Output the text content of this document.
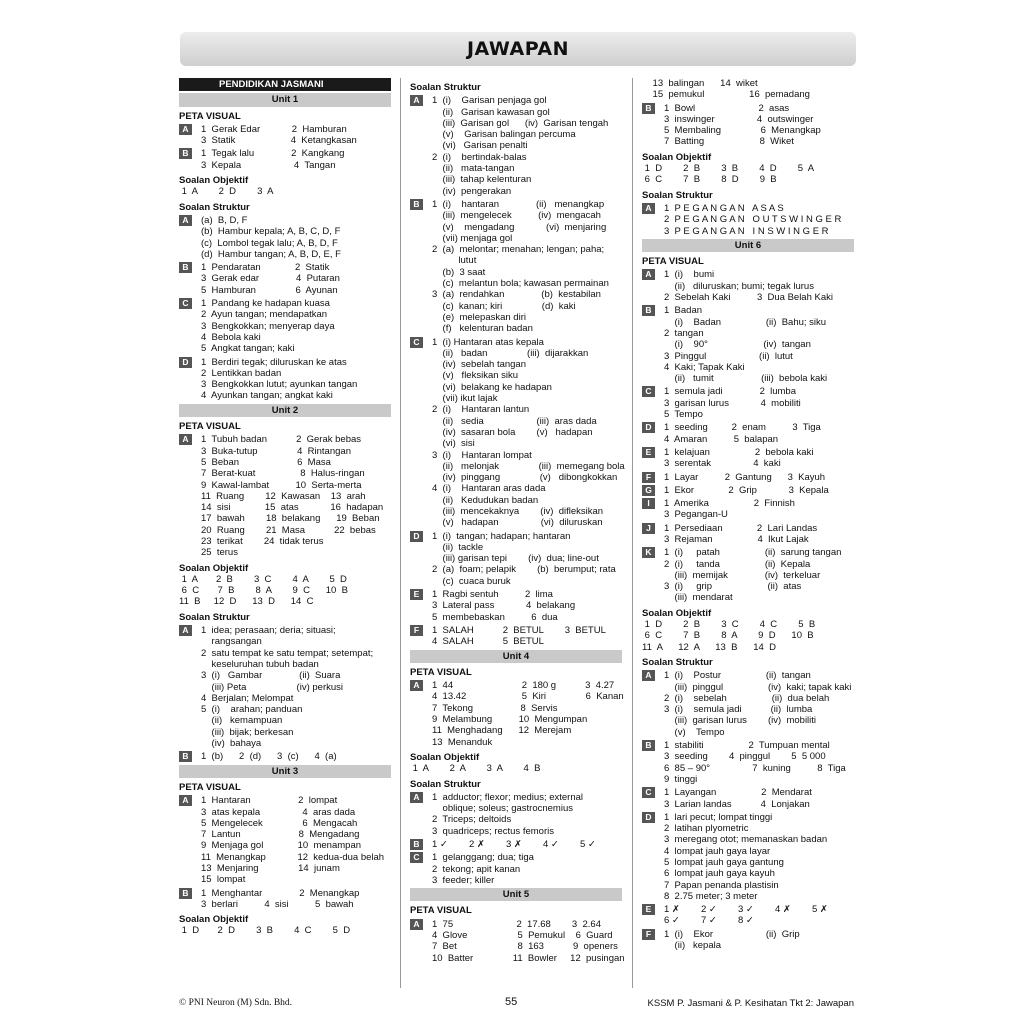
JAWAPAN
PENDIDIKAN JASMANI
Unit 1
PETA VISUAL
A	1  Gerak Edar            2  Hamburan
3  Statik                     4  Ketangkasan
B	1  Tegak lalu              2  Kangkang
3  Kepala                    4  Tangan
Soalan Objektif
1  A        2  D        3  A
Soalan Struktur
A	(a)  B, D, F
(b)  Hambur kepala; A, B, C, D, F
(c)  Lombol tegak lalu; A, B, D, F
(d)  Hambur tangan; A, B, D, E, F
B	1  Pendaratan             2  Statik
3  Gerak edar              4  Putaran
5  Hamburan               6  Ayunan
C	1  Pandang ke hadapan kuasa
2  Ayun tangan; mendapatkan
3  Bengkokkan; menyerap daya
4  Bebola kaki
5  Angkat tangan; kaki
D	1  Berdiri tegak; diluruskan ke atas
2  Lentikkan badan
3  Bengkokkan lutut; ayunkan tangan
4  Ayunkan tangan; angkat kaki
Unit 2
PETA VISUAL
A	1  Tubuh badan           2  Gerak bebas
3  Buka-tutup               4  Rintangan
5  Beban                      6  Masa
7  Berat-kuat                 8  Halus-ringan
9  Kawal-lambat          10  Serta-merta
11  Ruang        12  Kawasan    13  arah
14  sisi             15  atas            16  hadapan
17  bawah        18  belakang      19  Beban
20  Ruang        21  Masa           22  bebas
23  terikat        24  tidak terus
25  terus
Soalan Objektif
1  A       2  B        3  C        4  A        5  D
6  C       7  B        8  A        9  C      10  B
11  B     12  D      13  D      14  C
Soalan Struktur
A	1  idea; perasaan; deria; situasi;
rangsangan
2  satu tempat ke satu tempat; setempat;
keseluruhan tubuh badan
3  (i)   Gambar              (ii)  Suara
(iii) Peta                   (iv) perkusi
4  Berjalan; Melompat
5  (i)    arahan; panduan
(ii)   kemampuan
(iii)  bijak; berkesan
(iv)  bahaya
B	1  (b)      2  (d)      3  (c)      4  (a)
Unit 3
PETA VISUAL
A	1  Hantaran                  2  lompat
3  atas kepala                4  aras dada
5  Mengelecek               6  Mengacah
7  Lantun                      8  Mengadang
9  Menjaga gol             10  menampan
11  Menangkap            12  kedua-dua belah
13  Menjaring               14  junam
15  lompat
B	1  Menghantar              2  Menangkap
3  berlari          4  sisi          5  bawah
Soalan Objektif
1  D       2  D        3  B        4  C        5  D
Soalan Struktur
A	1  (i)    Garisan penjaga gol
(ii)   Garisan kawasan gol
(iii)  Garisan gol      (iv)  Garisan tengah
(v)    Garisan balingan percuma
(vi)   Garisan penalti
2  (i)    bertindak-balas
(ii)   mata-tangan
(iii)  tahap kelenturan
(iv)  pengerakan
B	1  (i)    hantaran              (ii)   menangkap
(iii)  mengelecek          (iv)  mengacah
(v)    mengadang            (vi)  menjaring
(vii) menjaga gol
2  (a)  melontar; menahan; lengan; paha;
lutut
(b)  3 saat
(c)  melantun bola; kawasan permainan
3  (a)  rendahkan              (b)  kestabilan
(c)  kanan; kiri               (d)  kaki
(e)  melepaskan diri
(f)   kelenturan badan
C	1  (i) Hantaran atas kepala
(ii)   badan               (iii)  dijarakkan
(iv)  sebelah tangan
(v)   fleksikan siku
(vi)  belakang ke hadapan
(vii) ikut lajak
2  (i)    Hantaran lantun
(ii)   sedia                    (iii)  aras dada
(iv)  sasaran bola        (v)   hadapan
(vi)  sisi
3  (i)    Hantaran lompat
(ii)   melonjak               (iii)  memegang bola
(iv)  pinggang               (v)   dibongkokkan
4  (i)    Hantaran aras dada
(ii)   Kedudukan badan
(iii)  mencekaknya        (iv)  difleksikan
(v)   hadapan                (vi)  diluruskan
D	1  (i)  tangan; hadapan; hantaran
(ii)  tackle
(iii) garisan tepi        (iv)  dua; line-out
2  (a)  foam; pelapik        (b)  berumput; rata
(c)  cuaca buruk
E	1  Ragbi sentuh          2  lima
3  Lateral pass            4  belakang
5  membebaskan          6  dua
F	1  SALAH           2  BETUL        3  BETUL
4  SALAH           5  BETUL
Unit 4
PETA VISUAL
A	1  44                          2  180 g           3  4.27
4  13.42                     5  Kiri               6  Kanan
7  Tekong                  8  Servis
9  Melambung          10  Mengumpan
11  Menghadang      12  Merejam
13  Menanduk
Soalan Objektif
1  A        2  A        3  A        4  B
Soalan Struktur
A	1  adductor; flexor; medius; external
oblique; soleus; gastrocnemius
2  Triceps; deltoids
3  quadriceps; rectus femoris
B	1 ✓        2 ✗        3 ✗        4 ✓        5 ✓
C	1  gelanggang; dua; tiga
2  tekong; apit kanan
3  feeder; killer
Unit 5
PETA VISUAL
A	1  75                        2  17.68        3  2.64
4  Glove                   5  Pemukul    6  Guard
7  Bet                       8  163           9  openers
10  Batter               11  Bowler     12  pusingan
13  balingan      14  wiket
15  pemukul                 16  pemadang
B	1  Bowl                        2  asas
3  inswinger                4  outswinger
5  Membaling               6  Menangkap
7  Batting                     8  Wiket
Soalan Objektif
1  D        2  B        3  B        4  D        5  A
6  C        7  B        8  D        9  B
Soalan Struktur
A	1  P E G A N G A N   A S A S
2  P E G A N G A N   O U T S W I N G E R
3  P E G A N G A N   I N S W I N G E R
Unit 6
PETA VISUAL
A	1  (i)    bumi
(ii)   diluruskan; bumi; tegak lurus
2  Sebelah Kaki          3  Dua Belah Kaki
B	1  Badan
(i)    Badan                 (ii)  Bahu; siku
2  tangan
(i)    90°                     (iv)  tangan
3  Pinggul                    (ii)  lutut
4  Kaki; Tapak Kaki
(ii)   tumit                  (iii)  bebola kaki
C	1  semula jadi              2  lumba
3  garisan lurus            4  mobiliti
5  Tempo
D	1  seeding         2  enam          3  Tiga
4  Amaran          5  balapan
E	1  kelajuan                 2  bebola kaki
3  serentak                4  kaki
F	1  Layar          2  Gantung      3  Kayuh
G	1  Ekor             2  Grip            3  Kepala
I	1  Amerika                 2  Finnish
3  Pegangan-U
J	1  Persediaan             2  Lari Landas
3  Rejaman                 4  Ikut Lajak
K	1  (i)     patah                 (ii)  sarung tangan
2  (i)     tanda                 (ii)  Kepala
(iii)  memijak              (iv)  terkeluar
3  (i)     grip                     (ii)  atas
(iii)  mendarat
Soalan Objektif
1  D        2  B        3  C        4  C        5  B
6  C        7  B        8  A        9  D      10  B
11  A      12  A      13  B      14  D
Soalan Struktur
A	1  (i)    Postur                 (ii)  tangan
(iii)  pinggul                 (iv)  kaki; tapak kaki
2  (i)    sebelah                 (ii)  dua belah
3  (i)    semula jadi           (ii)  lumba
(iii)  garisan lurus        (iv)  mobiliti
(v)    Tempo
B	1  stabiliti                 2  Tumpuan mental
3  seeding        4  pinggul        5  5 000
6  85 – 90°                7  kuning          8  Tiga
9  tinggi
C	1  Layangan                 2  Mendarat
3  Larian landas           4  Lonjakan
D	1  lari pecut; lompat tinggi
2  latihan plyometric
3  meregang otot; memanaskan badan
4  lompat jauh gaya layar
5  lompat jauh gaya gantung
6  lompat jauh gaya kayuh
7  Papan penanda plastisin
8  2.75 meter; 3 meter
E	1 ✗        2 ✓        3 ✓        4 ✗        5 ✗
6 ✓        7 ✓        8 ✓
F	1  (i)    Ekor                    (ii)  Grip
(ii)   kepala
© PNI Neuron (M) Sdn. Bhd.	55	KSSM P. Jasmani & P. Kesihatan Tkt 2: Jawapan
